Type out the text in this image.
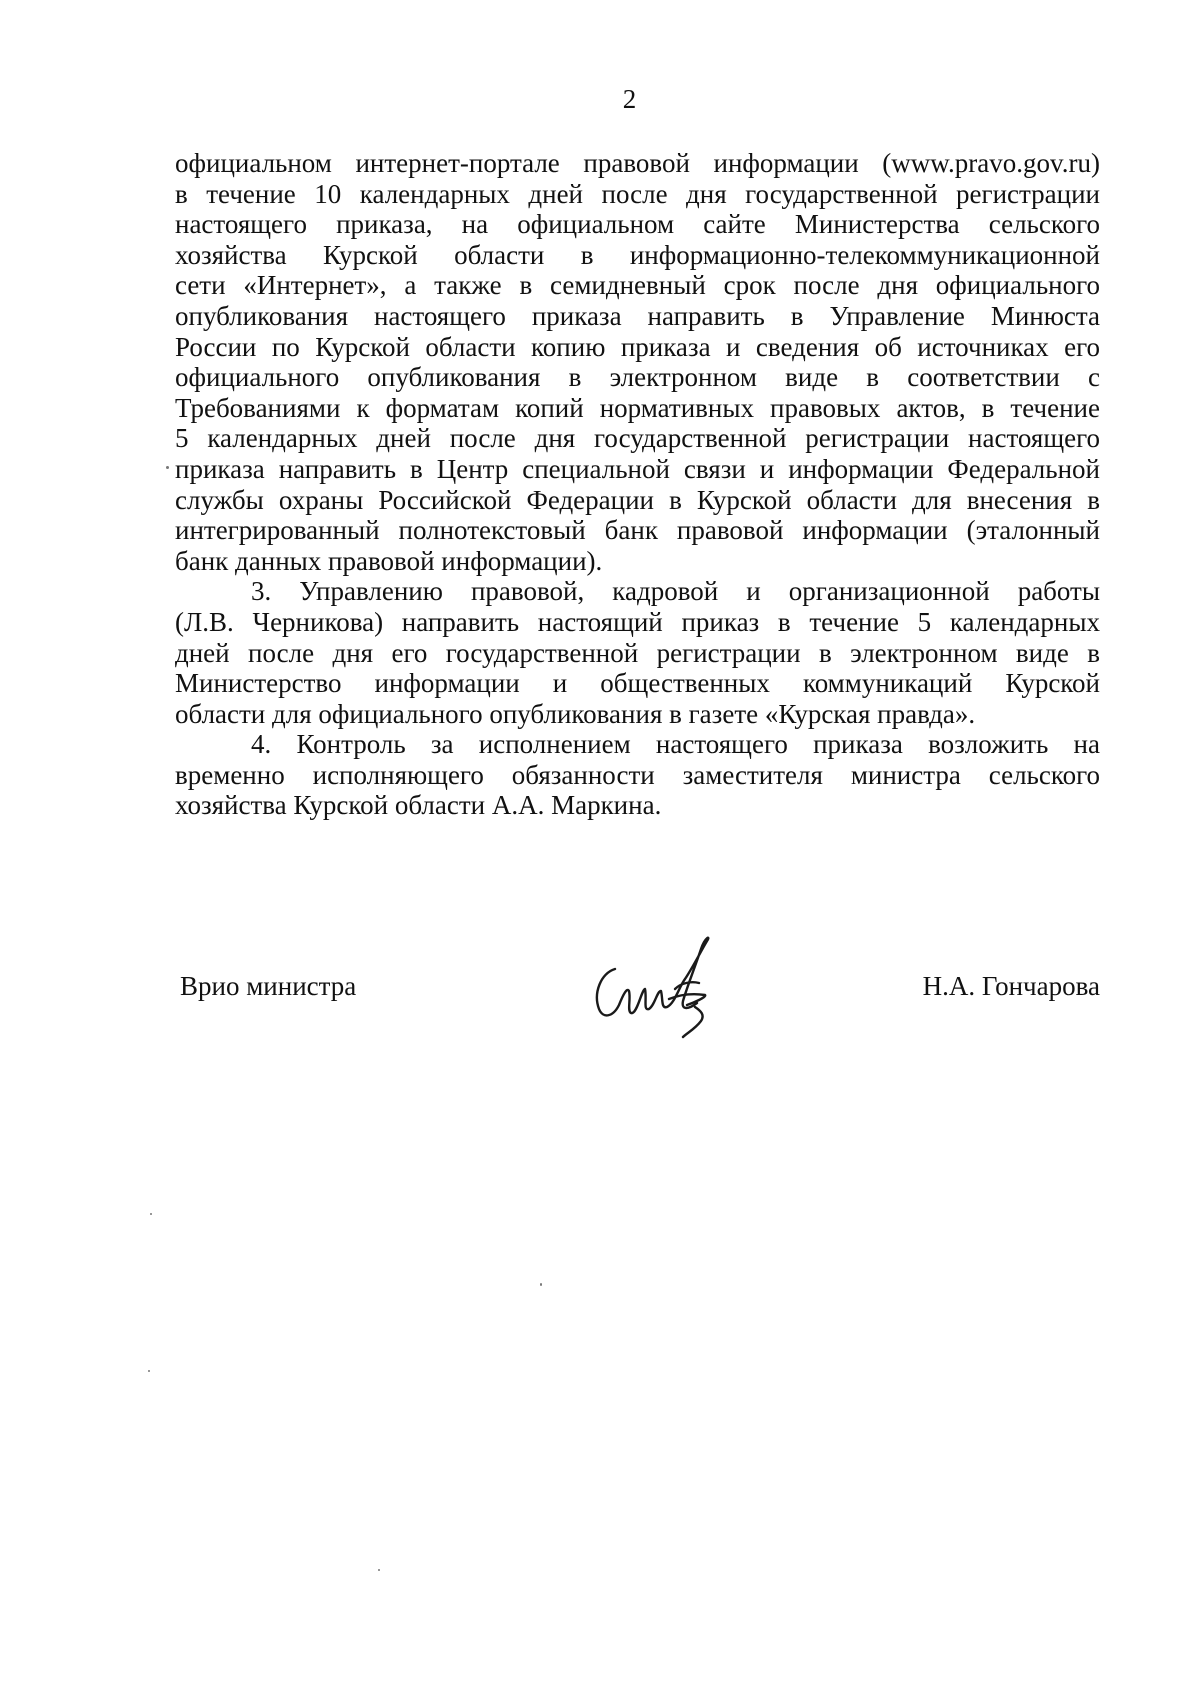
2
официальном интернет-портале правовой информации (www.pravo.gov.ru)
в течение 10 календарных дней после дня государственной регистрации
настоящего приказа, на официальном сайте Министерства сельского
хозяйства Курской области в информационно-телекоммуникационной
сети «Интернет», а также в семидневный срок после дня официального
опубликования настоящего приказа направить в Управление Минюста
России по Курской области копию приказа и сведения об источниках его
официального опубликования в электронном виде в соответствии с
Требованиями к форматам копий нормативных правовых актов, в течение
5 календарных дней после дня государственной регистрации настоящего
приказа направить в Центр специальной связи и информации Федеральной
службы охраны Российской Федерации в Курской области для внесения в
интегрированный полнотекстовый банк правовой информации (эталонный
банк данных правовой информации).
3. Управлению правовой, кадровой и организационной работы
(Л.В. Черникова) направить настоящий приказ в течение 5 календарных
дней после дня его государственной регистрации в электронном виде в
Министерство информации и общественных коммуникаций Курской
области для официального опубликования в газете «Курская правда».
4. Контроль за исполнением настоящего приказа возложить на
временно исполняющего обязанности заместителя министра сельского
хозяйства Курской области А.А. Маркина.
Врио министра	Н.А. Гончарова
